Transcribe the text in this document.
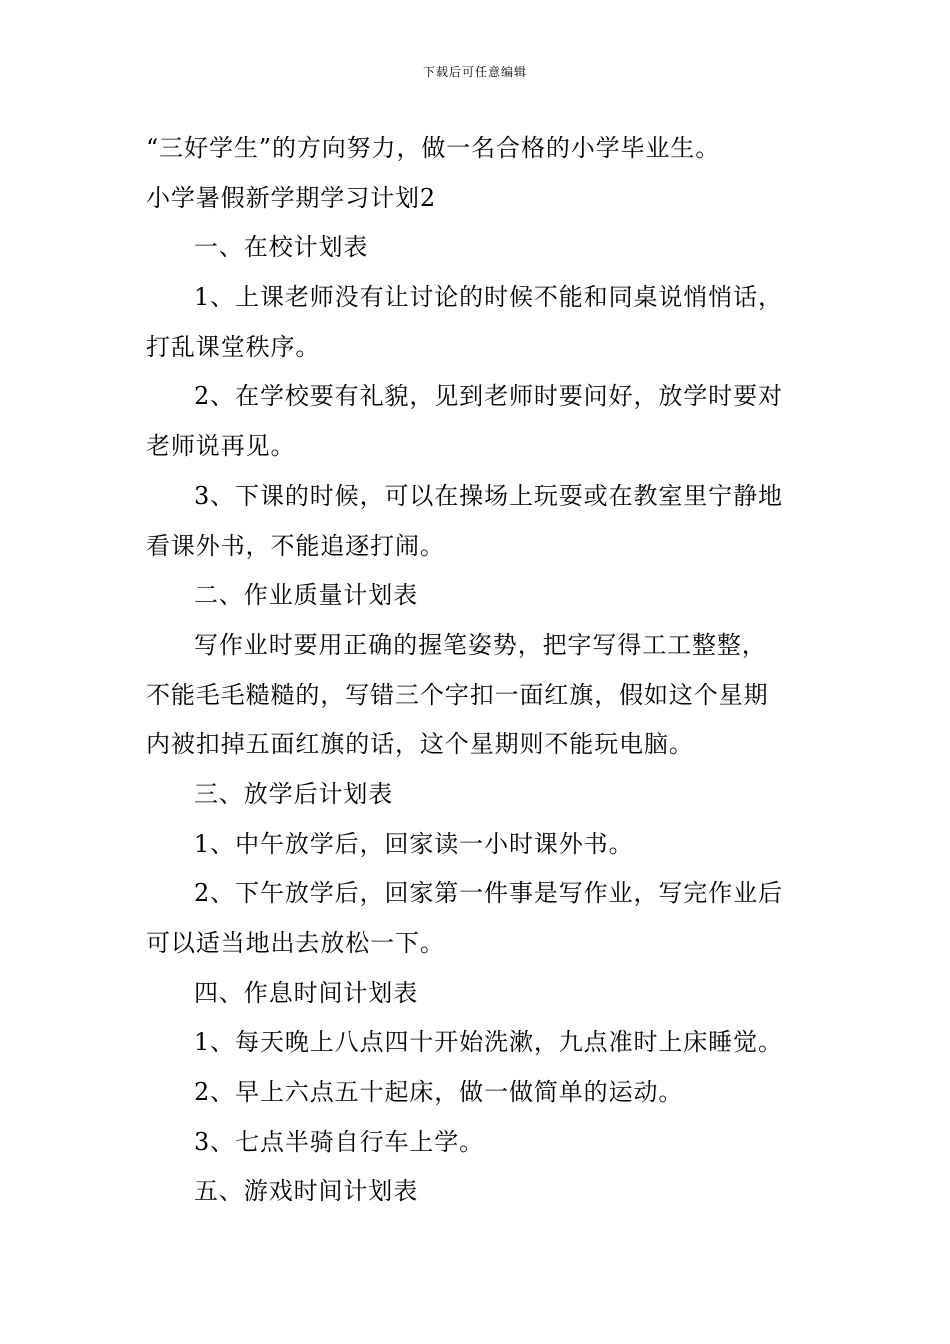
下载后可任意编辑
“三好学生”的方向努力，做一名合格的小学毕业生。
小学暑假新学期学习计划2
一、在校计划表
1、上课老师没有让讨论的时候不能和同桌说悄悄话，
打乱课堂秩序。
2、在学校要有礼貌，见到老师时要问好，放学时要对
老师说再见。
3、下课的时候，可以在操场上玩耍或在教室里宁静地
看课外书，不能追逐打闹。
二、作业质量计划表
写作业时要用正确的握笔姿势，把字写得工工整整，
不能毛毛糙糙的，写错三个字扣一面红旗，假如这个星期
内被扣掉五面红旗的话，这个星期则不能玩电脑。
三、放学后计划表
1、中午放学后，回家读一小时课外书。
2、下午放学后，回家第一件事是写作业，写完作业后
可以适当地出去放松一下。
四、作息时间计划表
1、每天晚上八点四十开始洗漱，九点准时上床睡觉。
2、早上六点五十起床，做一做简单的运动。
3、七点半骑自行车上学。
五、游戏时间计划表
